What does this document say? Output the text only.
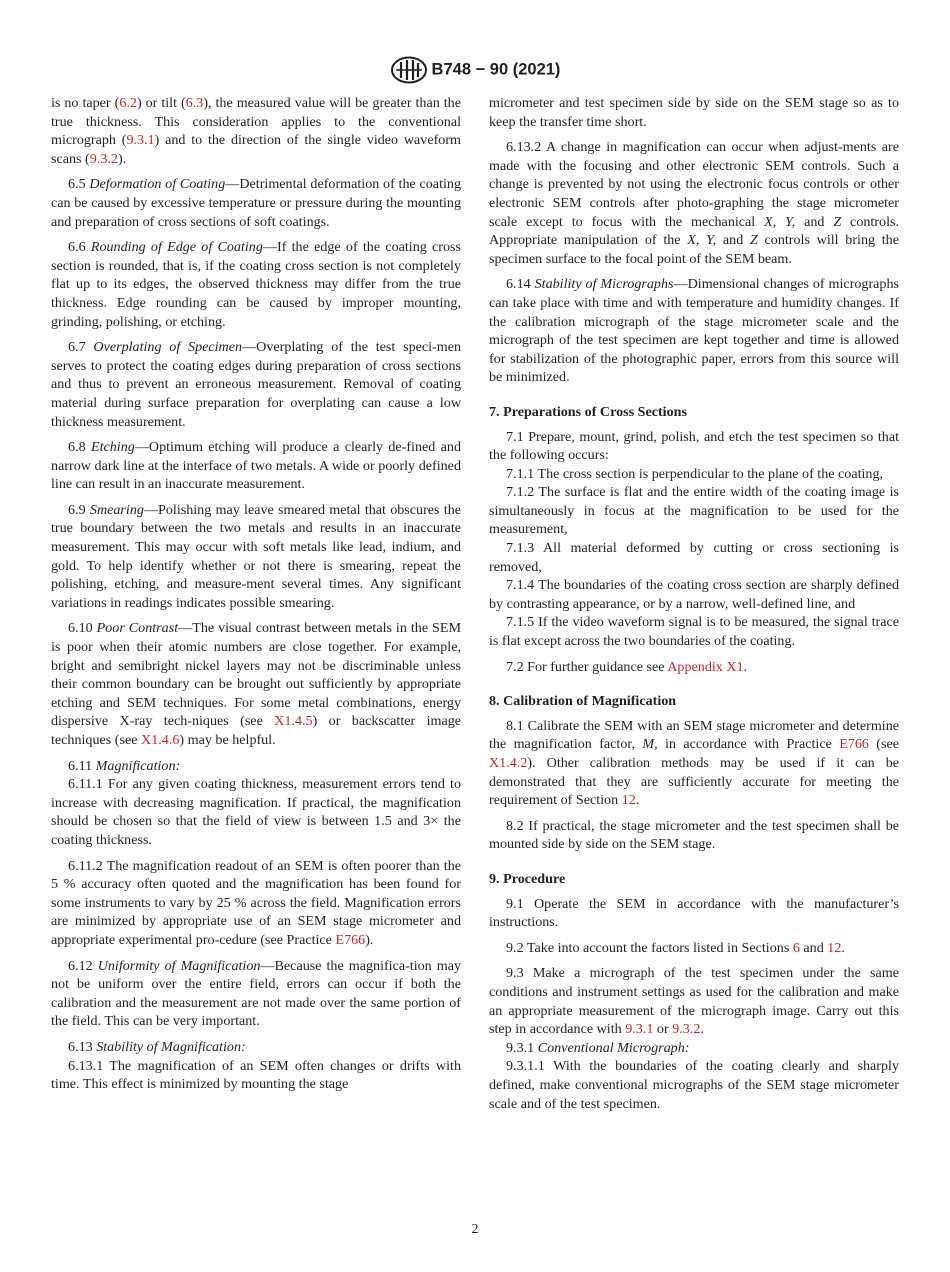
B748 − 90 (2021)

is no taper (6.2) or tilt (6.3), the measured value will be greater than the true thickness. This consideration applies to the conventional micrograph (9.3.1) and to the direction of the single video waveform scans (9.3.2).

6.5 Deformation of Coating—Detrimental deformation of the coating can be caused by excessive temperature or pressure during the mounting and preparation of cross sections of soft coatings.

6.6 Rounding of Edge of Coating—If the edge of the coating cross section is rounded, that is, if the coating cross section is not completely flat up to its edges, the observed thickness may differ from the true thickness. Edge rounding can be caused by improper mounting, grinding, polishing, or etching.

6.7 Overplating of Specimen—Overplating of the test speci-men serves to protect the coating edges during preparation of cross sections and thus to prevent an erroneous measurement. Removal of coating material during surface preparation for overplating can cause a low thickness measurement.

6.8 Etching—Optimum etching will produce a clearly de-fined and narrow dark line at the interface of two metals. A wide or poorly defined line can result in an inaccurate measurement.

6.9 Smearing—Polishing may leave smeared metal that obscures the true boundary between the two metals and results in an inaccurate measurement. This may occur with soft metals like lead, indium, and gold. To help identify whether or not there is smearing, repeat the polishing, etching, and measure-ment several times. Any significant variations in readings indicates possible smearing.

6.10 Poor Contrast—The visual contrast between metals in the SEM is poor when their atomic numbers are close together. For example, bright and semibright nickel layers may not be discriminable unless their common boundary can be brought out sufficiently by appropriate etching and SEM techniques. For some metal combinations, energy dispersive X-ray tech-niques (see X1.4.5) or backscatter image techniques (see X1.4.6) may be helpful.

6.11 Magnification:

6.11.1 For any given coating thickness, measurement errors tend to increase with decreasing magnification. If practical, the magnification should be chosen so that the field of view is between 1.5 and 3× the coating thickness.

6.11.2 The magnification readout of an SEM is often poorer than the 5 % accuracy often quoted and the magnification has been found for some instruments to vary by 25 % across the field. Magnification errors are minimized by appropriate use of an SEM stage micrometer and appropriate experimental pro-cedure (see Practice E766).

6.12 Uniformity of Magnification—Because the magnifica-tion may not be uniform over the entire field, errors can occur if both the calibration and the measurement are not made over the same portion of the field. This can be very important.

6.13 Stability of Magnification:

6.13.1 The magnification of an SEM often changes or drifts with time. This effect is minimized by mounting the stage

micrometer and test specimen side by side on the SEM stage so as to keep the transfer time short.

6.13.2 A change in magnification can occur when adjust-ments are made with the focusing and other electronic SEM controls. Such a change is prevented by not using the electronic focus controls or other electronic SEM controls after photo-graphing the stage micrometer scale except to focus with the mechanical X, Y, and Z controls. Appropriate manipulation of the X, Y, and Z controls will bring the specimen surface to the focal point of the SEM beam.

6.14 Stability of Micrographs—Dimensional changes of micrographs can take place with time and with temperature and humidity changes. If the calibration micrograph of the stage micrometer scale and the micrograph of the test specimen are kept together and time is allowed for stabilization of the photographic paper, errors from this source will be minimized.

7. Preparations of Cross Sections

7.1 Prepare, mount, grind, polish, and etch the test specimen so that the following occurs:

7.1.1 The cross section is perpendicular to the plane of the coating,

7.1.2 The surface is flat and the entire width of the coating image is simultaneously in focus at the magnification to be used for the measurement,

7.1.3 All material deformed by cutting or cross sectioning is removed,

7.1.4 The boundaries of the coating cross section are sharply defined by contrasting appearance, or by a narrow, well-defined line, and

7.1.5 If the video waveform signal is to be measured, the signal trace is flat except across the two boundaries of the coating.

7.2 For further guidance see Appendix X1.

8. Calibration of Magnification

8.1 Calibrate the SEM with an SEM stage micrometer and determine the magnification factor, M, in accordance with Practice E766 (see X1.4.2). Other calibration methods may be used if it can be demonstrated that they are sufficiently accurate for meeting the requirement of Section 12.

8.2 If practical, the stage micrometer and the test specimen shall be mounted side by side on the SEM stage.

9. Procedure

9.1 Operate the SEM in accordance with the manufacturer’s instructions.

9.2 Take into account the factors listed in Sections 6 and 12.

9.3 Make a micrograph of the test specimen under the same conditions and instrument settings as used for the calibration and make an appropriate measurement of the micrograph image. Carry out this step in accordance with 9.3.1 or 9.3.2.

9.3.1 Conventional Micrograph:

9.3.1.1 With the boundaries of the coating clearly and sharply defined, make conventional micrographs of the SEM stage micrometer scale and of the test specimen.

2
